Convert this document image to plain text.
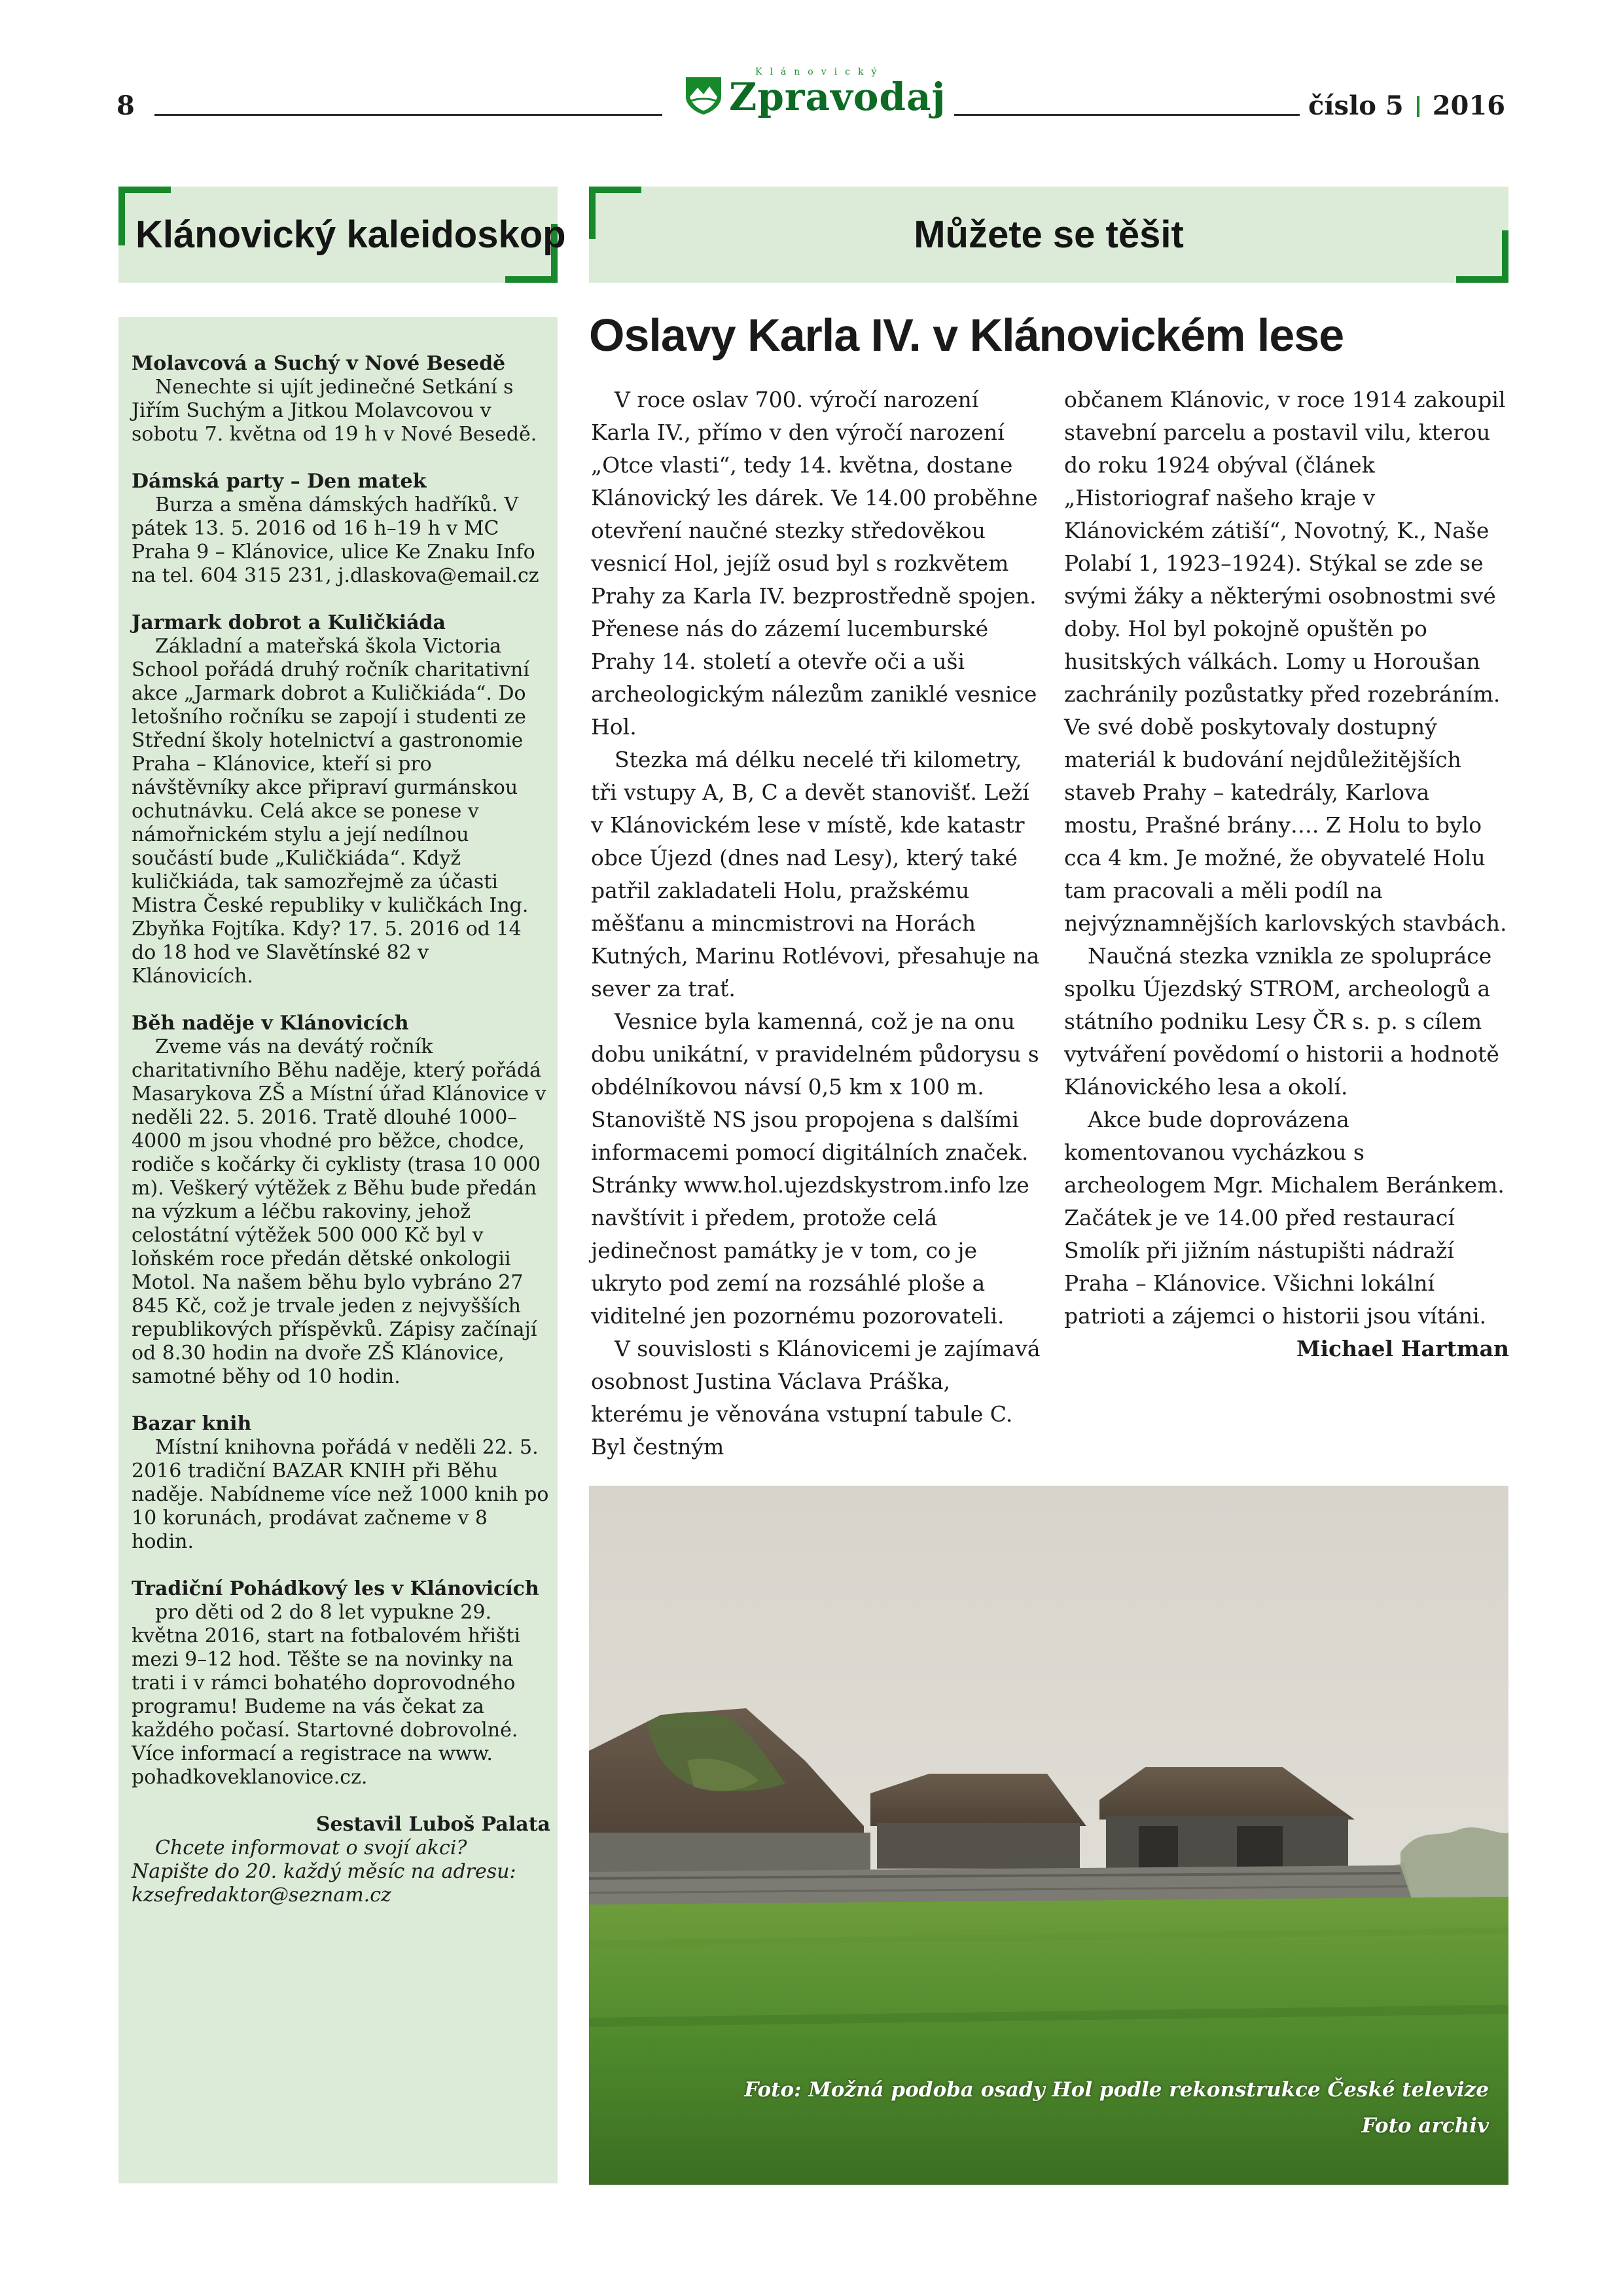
8
Klánovický
Zpravodaj	číslo 5 2016
Klánovický kaleidoskop	Můžete se těšit
Molavcová a Suchý v Nové Besedě
Nenechte si ujít jedinečné Setkání s Jiřím Suchým a Jitkou Molavcovou v sobotu 7. května od 19 h v Nové Besedě.
Dámská party – Den matek
Burza a směna dámských hadříků. V pátek 13. 5. 2016 od 16 h–19 h v MC Praha 9 – Klánovice, ulice Ke Znaku Info na tel. 604 315 231, j.dlaskova@email.cz
Jarmark dobrot a Kuličkiáda
Základní a mateřská škola Victoria School pořádá druhý ročník charitativní akce „Jarmark dobrot a Kuličkiáda“. Do letošního ročníku se zapojí i studenti ze Střední školy hotelnictví a gastronomie Praha – Klánovice, kteří si pro návštěvníky akce připraví gurmánskou ochutnávku. Celá akce se ponese v námořnickém stylu a její nedílnou součástí bude „Kuličkiáda“. Když kuličkiáda, tak samozřejmě za účasti Mistra České republiky v kuličkách Ing. Zbyňka Fojtíka. Kdy? 17. 5. 2016 od 14 do 18 hod ve Slavětínské 82 v Klánovicích.
Běh naděje v Klánovicích
Zveme vás na devátý ročník charitativního Běhu naděje, který pořádá Masarykova ZŠ a Místní úřad Klánovice v neděli 22. 5. 2016. Tratě dlouhé 1000–4000 m jsou vhodné pro běžce, chodce, rodiče s kočárky či cyklisty (trasa 10 000 m). Veškerý výtěžek z Běhu bude předán na výzkum a léčbu rakoviny, jehož celostátní výtěžek 500 000 Kč byl v loňském roce předán dětské onkologii Motol. Na našem běhu bylo vybráno 27 845 Kč, což je trvale jeden z nejvyšších republikových příspěvků. Zápisy začínají od 8.30 hodin na dvoře ZŠ Klánovice, samotné běhy od 10 hodin.
Bazar knih
Místní knihovna pořádá v neděli 22. 5. 2016 tradiční BAZAR KNIH při Běhu naděje. Nabídneme více než 1000 knih po 10 korunách, prodávat začneme v 8 hodin.
Tradiční Pohádkový les v Klánovicích
pro děti od 2 do 8 let vypukne 29. května 2016, start na fotbalovém hřišti mezi 9–12 hod. Těšte se na novinky na trati i v rámci bohatého doprovodného programu! Budeme na vás čekat za každého počasí. Startovné dobrovolné. Více informací a registrace na www. pohadkoveklanovice.cz.
Sestavil Luboš Palata
Chcete informovat o svojí akci?
Napište do 20. každý měsíc na adresu:
kzsefredaktor@seznam.cz
Oslavy Karla IV. v Klánovickém lese

V roce oslav 700. výročí narození Karla IV., přímo v den výročí narození „Otce vlasti“, tedy 14. května, dostane Klánovický les dárek. Ve 14.00 proběhne otevření naučné stezky středověkou vesnicí Hol, jejíž osud byl s rozkvětem Prahy za Karla IV. bezprostředně spojen. Přenese nás do zázemí lucemburské Prahy 14. století a otevře oči a uši archeologickým nálezům zaniklé vesnice Hol.

Stezka má délku necelé tři kilometry, tři vstupy A, B, C a devět stanovišť. Leží v Klánovickém lese v místě, kde katastr obce Újezd (dnes nad Lesy), který také patřil zakladateli Holu, pražskému měšťanu a mincmistrovi na Horách Kutných, Marinu Rotlévovi, přesahuje na sever za trať.

Vesnice byla kamenná, což je na onu dobu unikátní, v pravidelném půdorysu s obdélníkovou návsí 0,5 km x 100 m. Stanoviště NS jsou propojena s dalšími informacemi pomocí digitálních značek. Stránky www.hol.ujezdskystrom.info lze navštívit i předem, protože celá jedinečnost památky je v tom, co je ukryto pod zemí na rozsáhlé ploše a viditelné jen pozornému pozorovateli.

V souvislosti s Klánovicemi je zajímavá osobnost Justina Václava Práška, kterému je věnována vstupní tabule C. Byl čestným

občanem Klánovic, v roce 1914 zakoupil stavební parcelu a postavil vilu, kterou do roku 1924 obýval (článek „Historiograf našeho kraje v Klánovickém zátiší“, Novotný, K., Naše Polabí 1, 1923–1924). Stýkal se zde se svými žáky a některými osobnostmi své doby. Hol byl pokojně opuštěn po husitských válkách. Lomy u Horoušan zachránily pozůstatky před rozebráním. Ve své době poskytovaly dostupný materiál k budování nejdůležitějších staveb Prahy – katedrály, Karlova mostu, Prašné brány…. Z Holu to bylo cca 4 km. Je možné, že obyvatelé Holu tam pracovali a měli podíl na nejvýznamnějších karlovských stavbách.

Naučná stezka vznikla ze spolupráce spolku Újezdský STROM, archeologů a státního podniku Lesy ČR s. p. s cílem vytváření povědomí o historii a hodnotě Klánovického lesa a okolí.

Akce bude doprovázena komentovanou vycházkou s archeologem Mgr. Michalem Beránkem. Začátek je ve 14.00 před restaurací Smolík při jižním nástupišti nádraží Praha – Klánovice. Všichni lokální patrioti a zájemci o historii jsou vítáni.

Michael Hartman
Foto: Možná podoba osady Hol podle rekonstrukce České televize
Foto archiv
